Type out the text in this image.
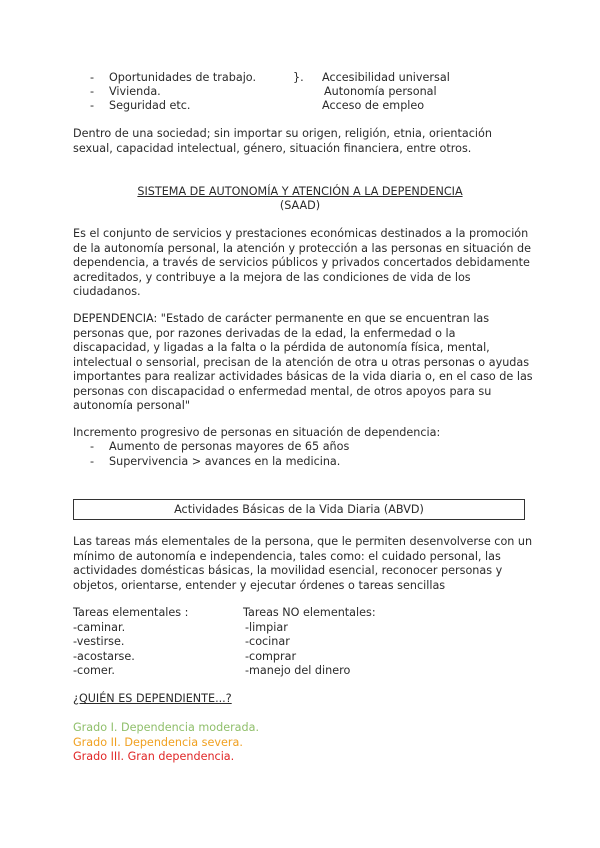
- Oportunidades de trabajo.	}. Accesibilidad universal
- Vivienda.	Autonomía personal
- Seguridad etc.	Acceso de empleo
Dentro de una sociedad; sin importar su origen, religión, etnia, orientación sexual, capacidad intelectual, género, situación financiera, entre otros.
SISTEMA DE AUTONOMÍA Y ATENCIÓN A LA DEPENDENCIA
(SAAD)
Es el conjunto de servicios y prestaciones económicas destinados a la promoción de la autonomía personal, la atención y protección a las personas en situación de dependencia, a través de servicios públicos y privados concertados debidamente acreditados, y contribuye a la mejora de las condiciones de vida de los ciudadanos.
DEPENDENCIA: "Estado de carácter permanente en que se encuentran las personas que, por razones derivadas de la edad, la enfermedad o la discapacidad, y ligadas a la falta o la pérdida de autonomía física, mental, intelectual o sensorial, precisan de la atención de otra u otras personas o ayudas importantes para realizar actividades básicas de la vida diaria o, en el caso de las personas con discapacidad o enfermedad mental, de otros apoyos para su autonomía personal"
Incremento progresivo de personas en situación de dependencia:
- Aumento de personas mayores de 65 años
- Supervivencia > avances en la medicina.
Actividades Básicas de la Vida Diaria (ABVD)
Las tareas más elementales de la persona, que le permiten desenvolverse con un mínimo de autonomía e independencia, tales como: el cuidado personal, las actividades domésticas básicas, la movilidad esencial, reconocer personas y objetos, orientarse, entender y ejecutar órdenes o tareas sencillas
Tareas elementales :	Tareas NO elementales:
-caminar.	-limpiar
-vestirse.	-cocinar
-acostarse.	-comprar
-comer.	-manejo del dinero
¿QUIÉN ES DEPENDIENTE...?
Grado I. Dependencia moderada.
Grado II. Dependencia severa.
Grado III. Gran dependencia.
